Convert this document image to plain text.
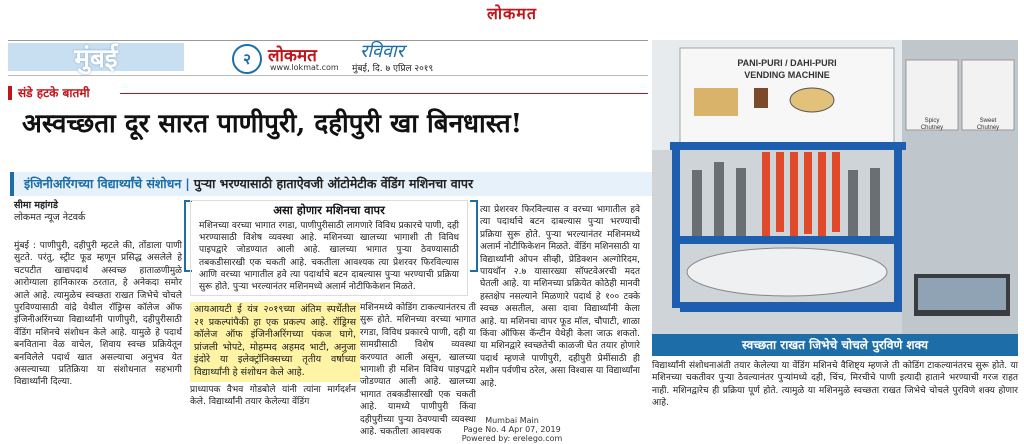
लोकमत
मुंबई	२	लोकमत
www.lokmat.com
रविवार
मुंबई, दि. ७ एप्रिल २०१९
संडे हटके बातमी
अस्वच्छता दूर सारत पाणीपुरी, दहीपुरी खा बिनधास्त!
इंजिनीअरिंगच्या विद्यार्थ्यांचे संशोधन | पुऱ्या भरण्यासाठी हाताऐवजी ऑटोमेटीक वेंडिंग मशिनचा वापर
सीमा महांगडे
लोकमत न्यूज नेटवर्क
मुंबई : पाणीपुरी, दहीपुरी म्हटले की, तोंडाला पाणी सुटते. परंतु, स्ट्रीट फूड म्हणून प्रसिद्ध असलेले हे चटपटीत खाद्यपदार्थ अस्वच्छ हाताळणीमुळे आरोग्याला हानिकारक ठरतात, हे अनेकदा समोर आले आहे. त्यामुळेच स्वच्छता राखत जिभेचे चोचले पुरविण्यासाठी वांद्रे येथील रॉड्रिग्स कॉलेज ऑफ इंजिनीअरिंगच्या विद्यार्थ्यांनी पाणीपुरी, दहीपुरीसाठी वेंडिंग मशिनचे संशोधन केले आहे. यामुळे हे पदार्थ बनविताना वेळ वाचेल, शिवाय स्वच्छ प्रक्रियेतून बनविलेले पदार्थ खात असल्याचा अनुभव येत असल्याच्या प्रतिक्रिया या संशोधनात सहभागी विद्यार्थ्यांनी दिल्या.
असा होणार मशिनचा वापर
मशिनच्या वरच्या भागात रगडा, पाणीपुरीसाठी लागणारे विविध प्रकारचे पाणी, दही भरण्यासाठी विशेष व्यवस्था आहे. मशिनच्या खालच्या भागाशी ती विविध पाइपद्वारे जोडण्यात आली आहे. खालच्या भागात पुऱ्या ठेवण्यासाठी तबकडीसारखी एक चकती आहे. चकतीला आवश्यक त्या प्रेशरवर फिरविल्यास आणि वरच्या भागातील हवे त्या पदार्थाचे बटन दाबल्यास पुऱ्या भरण्याची प्रक्रिया सुरू होते. पुऱ्या भरल्यानंतर मशिनमध्ये अलार्म नोटीफिकेशन मिळते.
आयआयटी ई यंत्र २०१९च्या अंतिम स्पर्धेतील २१ प्रकल्पांपैकी हा एक प्रकल्प आहे. रॉड्रिग्स कॉलेज ऑफ इंजिनीअरिंगच्या पंकज घागे, प्रांजली भोपटे, मोहम्मद अहमद भाटी, अनुजा इंदोरे या इलेक्ट्रॉनिक्सच्या तृतीय वर्षाच्या विद्यार्थ्यांनी हे संशोधन केले आहे.
प्राध्यापक वैभव गोडबोले यांनी त्यांना मार्गदर्शन केले. विद्यार्थ्यांनी तयार केलेल्या वेंडिंग
मशिनमध्ये कोडिंग टाकल्यानंतरच ती सुरू होते. मशिनच्या वरच्या भागात रगडा, विविध प्रकारचे पाणी, दही या सामग्रीसाठी विशेष व्यवस्था करण्यात आली असून, खालच्या भागाशी ही मशिन विविध पाइपद्वारे जोडण्यात आली आहे. खालच्या भागात तबकडीसारखी एक चकती आहे. यामध्ये पाणीपुरी किंवा दहीपुरीच्या पुऱ्या ठेवण्याची व्यवस्था आहे. चकतीला आवश्यक
त्या प्रेशरवर फिरविल्यास व वरच्या भागातील हवे त्या पदार्थाचे बटन दाबल्यास पुऱ्या भरण्याची प्रक्रिया सुरू होते. पुऱ्या भरल्यानंतर मशिनमध्ये अलार्म नोटीफिकेशन मिळते. वेंडिंग मशिनसाठी या विद्यार्थ्यांनी ओपन सीव्ही, प्रेडिक्शन अल्गोरिदम, पायथॉन २.७ यासारख्या सॉफ्टवेअरची मदत घेतली आहे. या मशिनच्या प्रक्रियेत कोठेही मानवी हस्तक्षेप नसल्याने मिळणारे पदार्थ हे १०० टक्के स्वच्छ असतील, असा दावा विद्यार्थ्यांनी केला आहे. या मशिनचा वापर फूड मॉल, चौपाटी, शाळा किंवा ऑफिस कॅन्टीन येथेही केला जाऊ शकतो. या मशिनद्वारे स्वच्छतेची काळजी घेत तयार होणारे पदार्थ म्हणजे पाणीपुरी, दहीपुरी प्रेमींसाठी ही मशीन पर्वणीच ठरेल, असा विश्वास या विद्यार्थ्यांना आहे.
PANI-PURI / DAHI-PURI
VENDING MACHINE
Spicy
Chutney
Sweet
Chutney
स्वच्छता राखत जिभेचे चोचले पुरविणे शक्य
विद्यार्थ्यांनी संशोधनाअंती तयार केलेल्या या वेंडिंग मशिनचे वैशिष्ट्य म्हणजे ती कोडिंग टाकल्यानंतरच सुरू होते. या मशिनच्या चकतीवर पुऱ्या ठेवल्यानंतर पुऱ्यांमध्ये दही, चिंच, मिरचीचे पाणी इत्यादी हाताने भरण्याची गरज राहत नाही. मशिनद्वारेच ही प्रक्रिया पूर्ण होते. त्यामुळे या मशिनमुळे स्वच्छता राखत जिभेचे चोचले पुरविणे शक्य होणार आहे.
Mumbai Main
Page No. 4 Apr 07, 2019
Powered by: erelego.com
